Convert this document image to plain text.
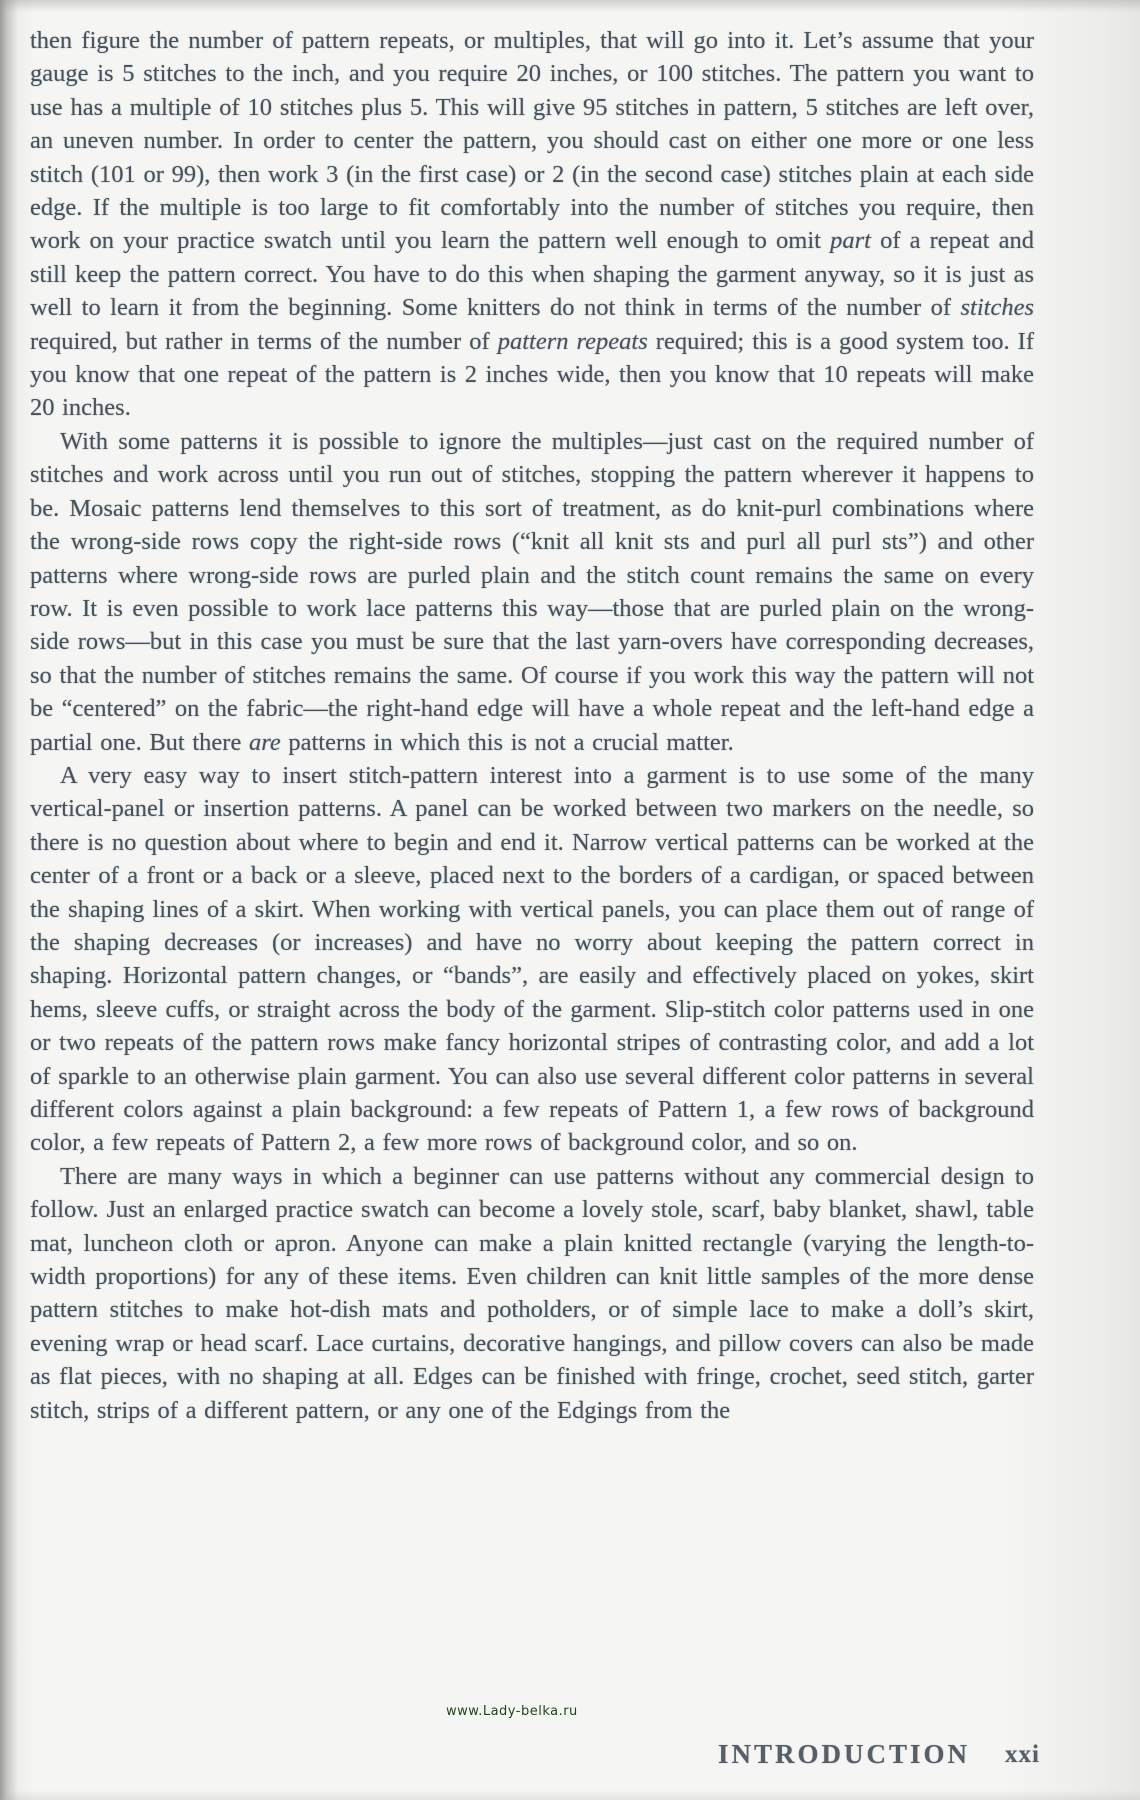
then figure the number of pattern repeats, or multiples, that will go into it. Let’s assume that your gauge is 5 stitches to the inch, and you require 20 inches, or 100 stitches. The pattern you want to use has a multiple of 10 stitches plus 5. This will give 95 stitches in pattern, 5 stitches are left over, an uneven number. In order to center the pattern, you should cast on either one more or one less stitch (101 or 99), then work 3 (in the first case) or 2 (in the second case) stitches plain at each side edge. If the multiple is too large to fit comfortably into the number of stitches you require, then work on your practice swatch until you learn the pattern well enough to omit part of a repeat and still keep the pattern correct. You have to do this when shaping the garment anyway, so it is just as well to learn it from the beginning. Some knitters do not think in terms of the number of stitches required, but rather in terms of the number of pattern repeats required; this is a good system too. If you know that one repeat of the pattern is 2 inches wide, then you know that 10 repeats will make 20 inches.

With some patterns it is possible to ignore the multiples—just cast on the required number of stitches and work across until you run out of stitches, stopping the pattern wherever it happens to be. Mosaic patterns lend themselves to this sort of treatment, as do knit-purl combinations where the wrong-side rows copy the right-side rows (“knit all knit sts and purl all purl sts”) and other patterns where wrong-side rows are purled plain and the stitch count remains the same on every row. It is even possible to work lace patterns this way—those that are purled plain on the wrong-side rows—but in this case you must be sure that the last yarn-overs have corresponding decreases, so that the number of stitches remains the same. Of course if you work this way the pattern will not be “centered” on the fabric—the right-hand edge will have a whole repeat and the left-hand edge a partial one. But there are patterns in which this is not a crucial matter.

A very easy way to insert stitch-pattern interest into a garment is to use some of the many vertical-panel or insertion patterns. A panel can be worked between two markers on the needle, so there is no question about where to begin and end it. Narrow vertical patterns can be worked at the center of a front or a back or a sleeve, placed next to the borders of a cardigan, or spaced between the shaping lines of a skirt. When working with vertical panels, you can place them out of range of the shaping decreases (or increases) and have no worry about keeping the pattern correct in shaping. Horizontal pattern changes, or “bands”, are easily and effectively placed on yokes, skirt hems, sleeve cuffs, or straight across the body of the garment. Slip-stitch color patterns used in one or two repeats of the pattern rows make fancy horizontal stripes of contrasting color, and add a lot of sparkle to an otherwise plain garment. You can also use several different color patterns in several different colors against a plain background: a few repeats of Pattern 1, a few rows of background color, a few repeats of Pattern 2, a few more rows of background color, and so on.

There are many ways in which a beginner can use patterns without any commercial design to follow. Just an enlarged practice swatch can become a lovely stole, scarf, baby blanket, shawl, table mat, luncheon cloth or apron. Anyone can make a plain knitted rectangle (varying the length-to-width proportions) for any of these items. Even children can knit little samples of the more dense pattern stitches to make hot-dish mats and potholders, or of simple lace to make a doll’s skirt, evening wrap or head scarf. Lace curtains, decorative hangings, and pillow covers can also be made as flat pieces, with no shaping at all. Edges can be finished with fringe, crochet, seed stitch, garter stitch, strips of a different pattern, or any one of the Edgings from the

www.Lady-belka.ru
INTRODUCTION xxi
